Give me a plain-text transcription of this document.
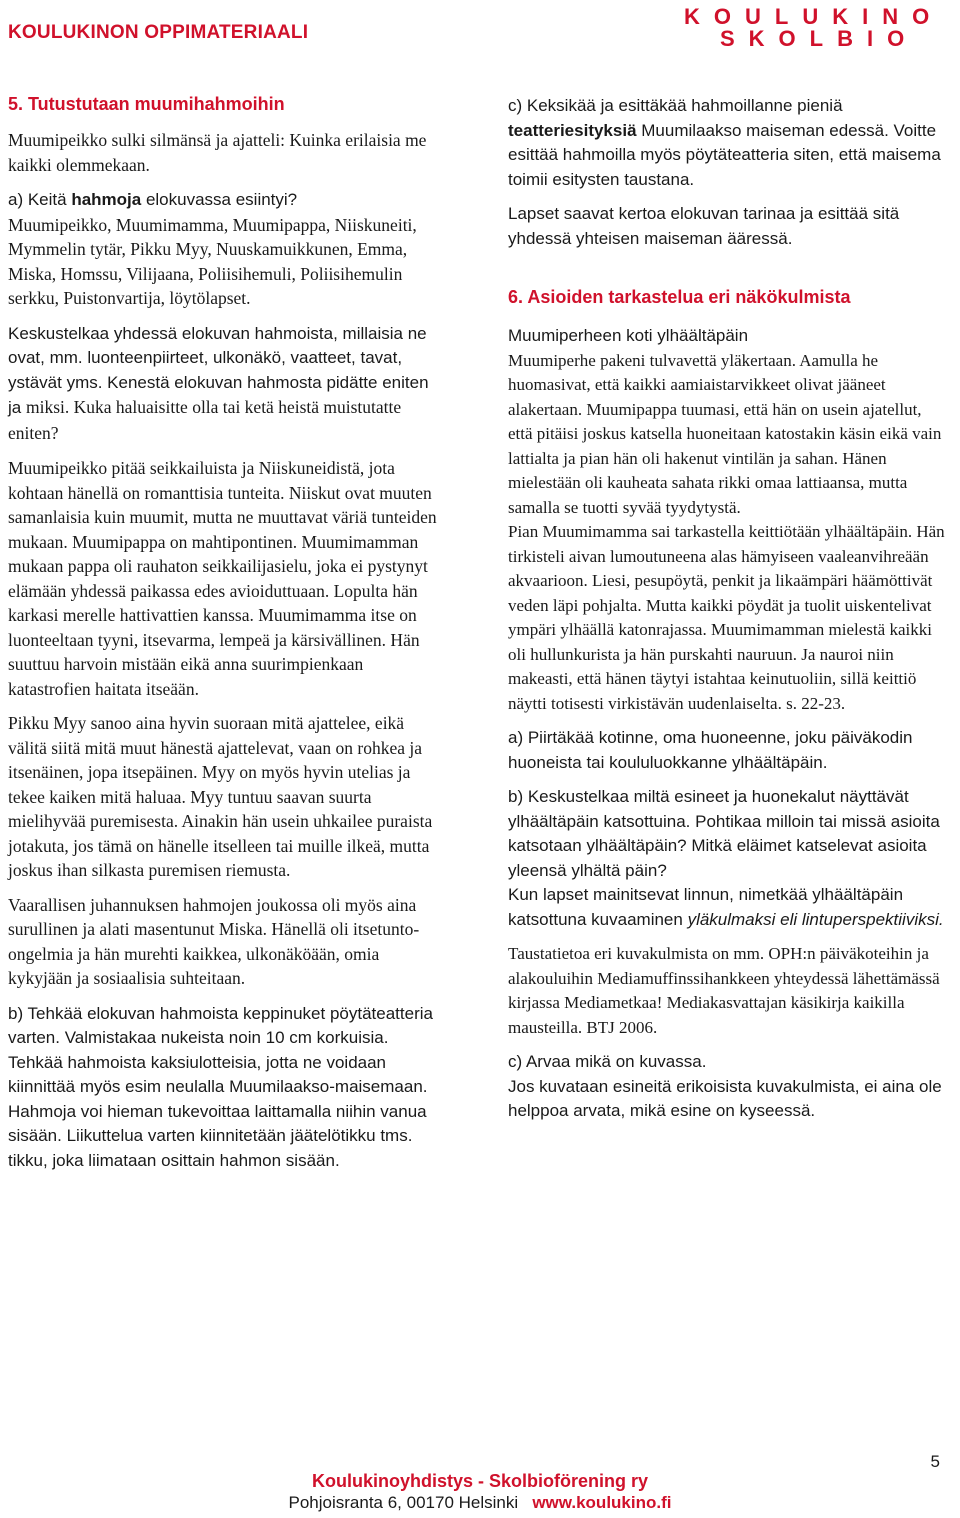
KOULUKINON OPPIMATERIAALI
KOULUKINO
SKOLBIO

5. Tutustutaan muumihahmoihin

Muumipeikko sulki silmänsä ja ajatteli: Kuinka erilaisia me kaikki olemmekaan.

a) Keitä hahmoja elokuvassa esiintyi?

Muumipeikko, Muumimamma, Muumipappa, Niiskuneiti, Mymmelin tytär, Pikku Myy, Nuuskamuikkunen, Emma, Miska, Homssu, Vilijaana, Poliisihemuli, Poliisihemulin serkku, Puistonvartija, löytölapset.

Keskustelkaa yhdessä elokuvan hahmoista, millaisia ne ovat, mm. luonteenpiirteet, ulkonäkö, vaatteet, tavat, ystävät yms. Kenestä elokuvan hahmosta pidätte eniten ja miksi. Kuka haluaisitte olla tai ketä heistä muistutatte eniten?

Muumipeikko pitää seikkailuista ja Niiskuneidistä, jota kohtaan hänellä on romanttisia tunteita. Niiskut ovat muuten samanlaisia kuin muumit, mutta ne muuttavat väriä tunteiden mukaan. Muumipappa on mahtipontinen. Muumimamman mukaan pappa oli rauhaton seikkailijasielu, joka ei pystynyt elämään yhdessä paikassa edes avioiduttuaan. Lopulta hän karkasi merelle hattivattien kanssa. Muumimamma itse on luonteeltaan tyyni, itsevarma, lempeä ja kärsivällinen. Hän suuttuu harvoin mistään eikä anna suurimpienkaan katastrofien haitata itseään.

Pikku Myy sanoo aina hyvin suoraan mitä ajattelee, eikä välitä siitä mitä muut hänestä ajattelevat, vaan on rohkea ja itsenäinen, jopa itsepäinen. Myy on myös hyvin utelias ja tekee kaiken mitä haluaa. Myy tuntuu saavan suurta mielihyvää puremisesta. Ainakin hän usein uhkailee puraista jotakuta, jos tämä on hänelle itselleen tai muille ilkeä, mutta joskus ihan silkasta puremisen riemusta.

Vaarallisen juhannuksen hahmojen joukossa oli myös aina surullinen ja alati masentunut Miska. Hänellä oli itsetunto-ongelmia ja hän murehti kaikkea, ulkonäköään, omia kykyjään ja sosiaalisia suhteitaan.

b) Tehkää elokuvan hahmoista keppinuket pöytäteatteria varten. Valmistakaa nukeista noin 10 cm korkuisia. Tehkää hahmoista kaksiulotteisia, jotta ne voidaan kiinnittää myös esim neulalla Muumilaakso-maisemaan. Hahmoja voi hieman tukevoittaa laittamalla niihin vanua sisään. Liikuttelua varten kiinnitetään jäätelötikku tms. tikku, joka liimataan osittain hahmon sisään.

c) Keksikää ja esittäkää hahmoillanne pieniä teatteriesityksiä Muumilaakso maiseman edessä. Voitte esittää hahmoilla myös pöytäteatteria siten, että maisema toimii esitysten taustana.

Lapset saavat kertoa elokuvan tarinaa ja esittää sitä yhdessä yhteisen maiseman ääressä.

6. Asioiden tarkastelua eri näkökulmista

Muumiperheen koti ylhäältäpäin

Muumiperhe pakeni tulvavettä yläkertaan. Aamulla he huomasivat, että kaikki aamiaistarvikkeet olivat jääneet alakertaan. Muumipappa tuumasi, että hän on usein ajatellut, että pitäisi joskus katsella huoneitaan katostakin käsin eikä vain lattialta ja pian hän oli hakenut vintilän ja sahan. Hänen mielestään oli kauheata sahata rikki omaa lattiaansa, mutta samalla se tuotti syvää tyydytystä.

Pian Muumimamma sai tarkastella keittiötään ylhäältäpäin. Hän tirkisteli aivan lumoutuneena alas hämyiseen vaaleanvihreään akvaarioon. Liesi, pesupöytä, penkit ja likaämpäri häämöttivät veden läpi pohjalta. Mutta kaikki pöydät ja tuolit uiskentelivat ympäri ylhäällä katonrajassa. Muumimamman mielestä kaikki oli hullunkurista ja hän purskahti nauruun. Ja nauroi niin makeasti, että hänen täytyi istahtaa keinutuoliin, sillä keittiö näytti totisesti virkistävän uudenlaiselta. s. 22-23.

a) Piirtäkää kotinne, oma huoneenne, joku päiväkodin huoneista tai koululuokkanne ylhäältäpäin.

b) Keskustelkaa miltä esineet ja huonekalut näyttävät ylhäältäpäin katsottuina. Pohtikaa milloin tai missä asioita katsotaan ylhäältäpäin? Mitkä eläimet katselevat asioita yleensä ylhältä päin?

Kun lapset mainitsevat linnun, nimetkää ylhäältäpäin katsottuna kuvaaminen yläkulmaksi eli lintuperspektiiviksi.

Taustatietoa eri kuvakulmista on mm. OPH:n päiväkoteihin ja alakouluihin Mediamuffinssihankkeen yhteydessä lähettämässä kirjassa Mediametkaa! Mediakasvattajan käsikirja kaikilla mausteilla. BTJ 2006.

c) Arvaa mikä on kuvassa.

Jos kuvataan esineitä erikoisista kuvakulmista, ei aina ole helppoa arvata, mikä esine on kyseessä.

5
Koulukinoyhdistys - Skolbioförening ry
Pohjoisranta 6, 00170 Helsinki www.koulukino.fi
